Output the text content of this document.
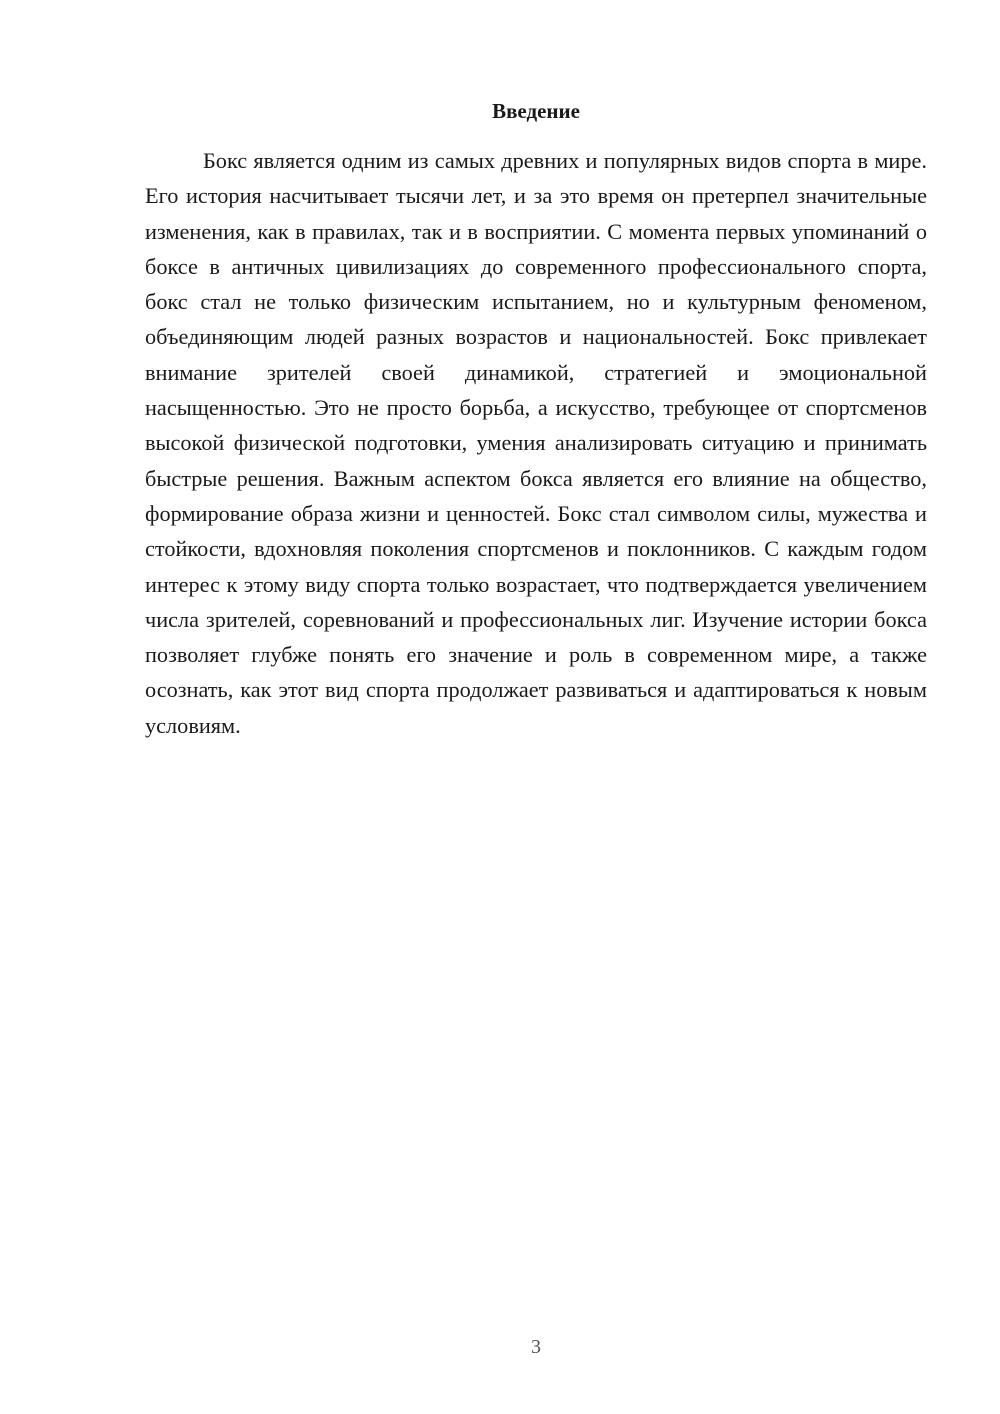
Введение

Бокс является одним из самых древних и популярных видов спорта в мире. Его история насчитывает тысячи лет, и за это время он претерпел значительные изменения, как в правилах, так и в восприятии. С момента первых упоминаний о боксе в античных цивилизациях до современного профессионального спорта, бокс стал не только физическим испытанием, но и культурным феноменом, объединяющим людей разных возрастов и национальностей. Бокс привлекает внимание зрителей своей динамикой, стратегией и эмоциональной насыщенностью. Это не просто борьба, а искусство, требующее от спортсменов высокой физической подготовки, умения анализировать ситуацию и принимать быстрые решения. Важным аспектом бокса является его влияние на общество, формирование образа жизни и ценностей. Бокс стал символом силы, мужества и стойкости, вдохновляя поколения спортсменов и поклонников. С каждым годом интерес к этому виду спорта только возрастает, что подтверждается увеличением числа зрителей, соревнований и профессиональных лиг. Изучение истории бокса позволяет глубже понять его значение и роль в современном мире, а также осознать, как этот вид спорта продолжает развиваться и адаптироваться к новым условиям.

3
